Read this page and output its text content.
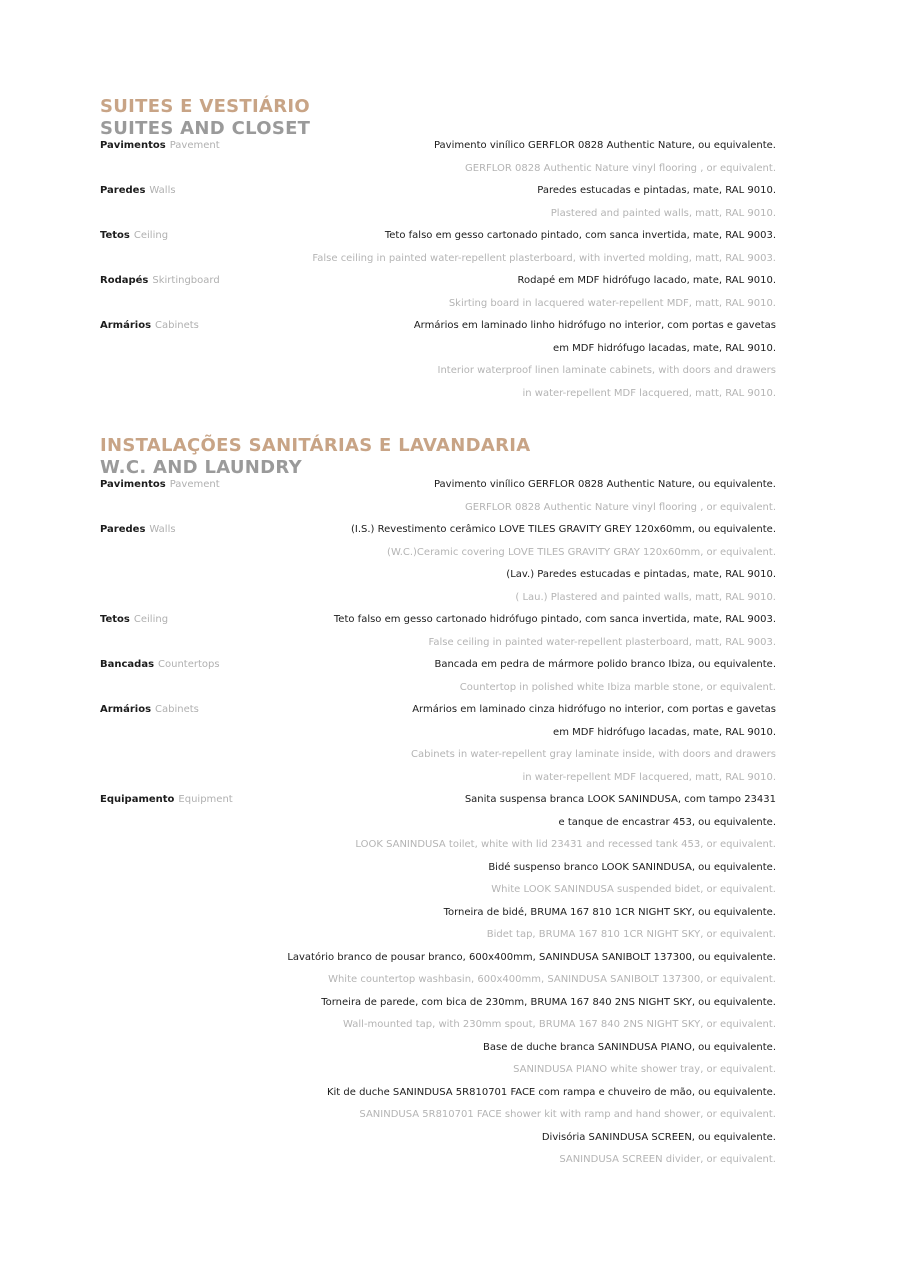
SUITES E VESTIÁRIO
SUITES AND CLOSET
Pavimentos Pavement	Pavimento vinílico GERFLOR 0828 Authentic Nature, ou equivalente.
GERFLOR 0828 Authentic Nature vinyl flooring , or equivalent.
Paredes Walls	Paredes estucadas e pintadas, mate, RAL 9010.
Plastered and painted walls, matt, RAL 9010.
Tetos Ceiling	Teto falso em gesso cartonado pintado, com sanca invertida, mate, RAL 9003.
False ceiling in painted water-repellent plasterboard, with inverted molding, matt, RAL 9003.
Rodapés Skirtingboard	Rodapé em MDF hidrófugo lacado, mate, RAL 9010.
Skirting board in lacquered water-repellent MDF, matt, RAL 9010.
Armários Cabinets	Armários em laminado linho hidrófugo no interior, com portas e gavetas
em MDF hidrófugo lacadas, mate, RAL 9010.
Interior waterproof linen laminate cabinets, with doors and drawers
in water-repellent MDF lacquered, matt, RAL 9010.
INSTALAÇÕES SANITÁRIAS E LAVANDARIA
W.C. AND LAUNDRY
Pavimentos Pavement	Pavimento vinílico GERFLOR 0828 Authentic Nature, ou equivalente.
GERFLOR 0828 Authentic Nature vinyl flooring , or equivalent.
Paredes Walls	(I.S.) Revestimento cerâmico LOVE TILES GRAVITY GREY 120x60mm, ou equivalente.
(W.C.)Ceramic covering LOVE TILES GRAVITY GRAY 120x60mm, or equivalent.
(Lav.) Paredes estucadas e pintadas, mate, RAL 9010.
( Lau.) Plastered and painted walls, matt, RAL 9010.
Tetos Ceiling	Teto falso em gesso cartonado hidrófugo pintado, com sanca invertida, mate, RAL 9003.
False ceiling in painted water-repellent plasterboard, matt, RAL 9003.
Bancadas Countertops	Bancada em pedra de mármore polido branco Ibiza, ou equivalente.
Countertop in polished white Ibiza marble stone, or equivalent.
Armários Cabinets	Armários em laminado cinza hidrófugo no interior, com portas e gavetas
em MDF hidrófugo lacadas, mate, RAL 9010.
Cabinets in water-repellent gray laminate inside, with doors and drawers
in water-repellent MDF lacquered, matt, RAL 9010.
Equipamento Equipment	Sanita suspensa branca LOOK SANINDUSA, com tampo 23431
e tanque de encastrar 453, ou equivalente.
LOOK SANINDUSA toilet, white with lid 23431 and recessed tank 453, or equivalent.
Bidé suspenso branco LOOK SANINDUSA, ou equivalente.
White LOOK SANINDUSA suspended bidet, or equivalent.
Torneira de bidé, BRUMA 167 810 1CR NIGHT SKY, ou equivalente.
Bidet tap, BRUMA 167 810 1CR NIGHT SKY, or equivalent.
Lavatório branco de pousar branco, 600x400mm, SANINDUSA SANIBOLT 137300, ou equivalente.
White countertop washbasin, 600x400mm, SANINDUSA SANIBOLT 137300, or equivalent.
Torneira de parede, com bica de 230mm, BRUMA 167 840 2NS NIGHT SKY, ou equivalente.
Wall-mounted tap, with 230mm spout, BRUMA 167 840 2NS NIGHT SKY, or equivalent.
Base de duche branca SANINDUSA PIANO, ou equivalente.
SANINDUSA PIANO white shower tray, or equivalent.
Kit de duche SANINDUSA 5R810701 FACE com rampa e chuveiro de mão, ou equivalente.
SANINDUSA 5R810701 FACE shower kit with ramp and hand shower, or equivalent.
Divisória SANINDUSA SCREEN, ou equivalente.
SANINDUSA SCREEN divider, or equivalent.
